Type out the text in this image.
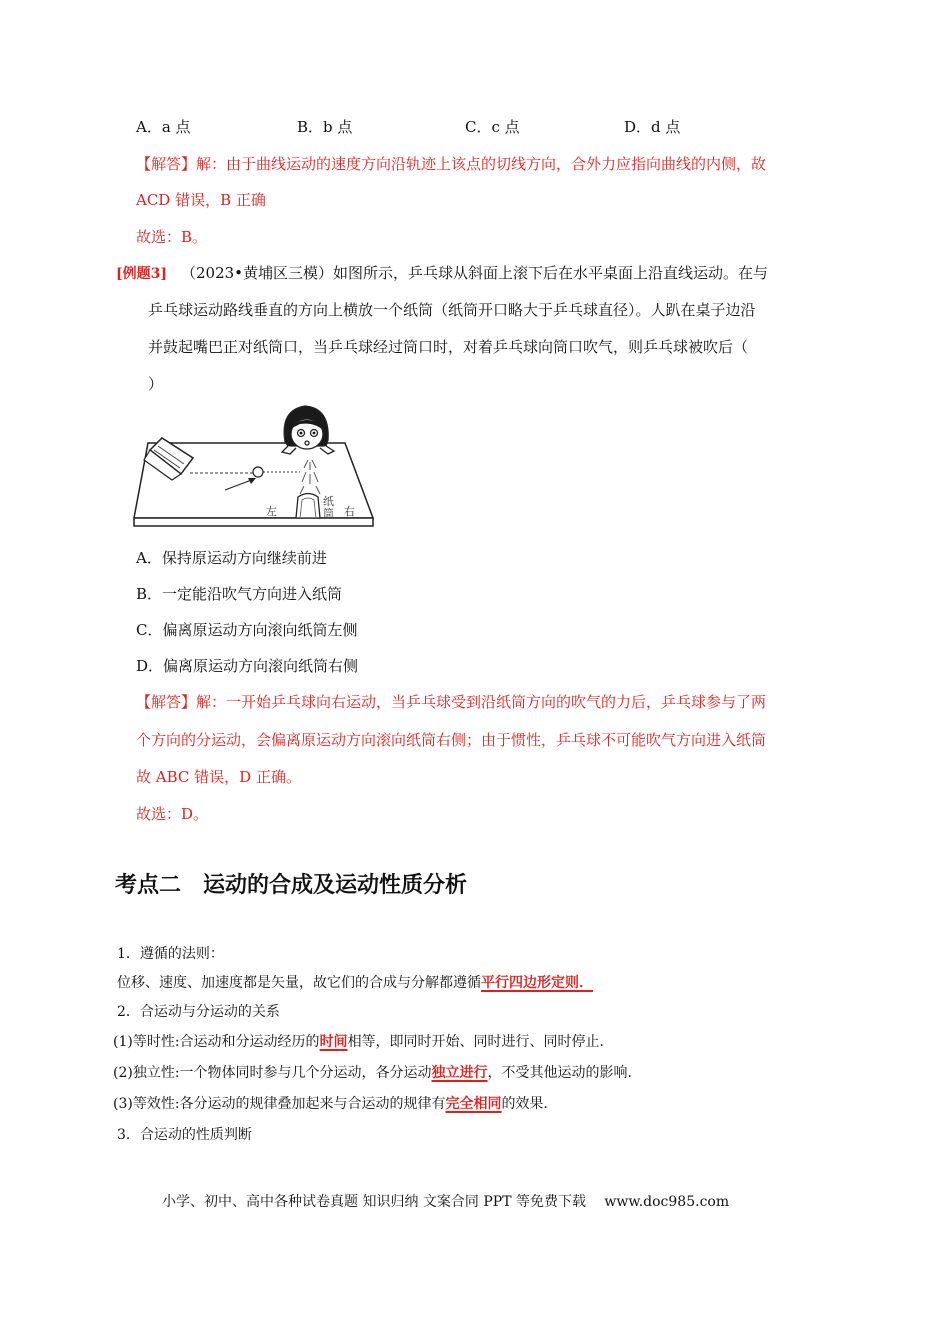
A．a 点	B．b 点	C．c 点	D．d 点
【解答】解：由于曲线运动的速度方向沿轨迹上该点的切线方向，合外力应指向曲线的内侧，故
ACD 错误，B 正确
故选：B。
[例题3] （2023•黄埔区三模）如图所示，乒乓球从斜面上滚下后在水平桌面上沿直线运动。在与
乒乓球运动路线垂直的方向上横放一个纸筒（纸筒开口略大于乒乓球直径）。人趴在桌子边沿
并鼓起嘴巴正对纸筒口，当乒乓球经过筒口时，对着乒乓球向筒口吹气，则乒乓球被吹后（
）
左
纸
筒 右
A．保持原运动方向继续前进
B．一定能沿吹气方向进入纸筒
C．偏离原运动方向滚向纸筒左侧
D．偏离原运动方向滚向纸筒右侧
【解答】解：一开始乒乓球向右运动，当乒乓球受到沿纸筒方向的吹气的力后，乒乓球参与了两
个方向的分运动，会偏离原运动方向滚向纸筒右侧；由于惯性，乒乓球不可能吹气方向进入纸筒
故 ABC 错误，D 正确。
故选：D。
考点二　运动的合成及运动性质分析
1．遵循的法则：
位移、速度、加速度都是矢量，故它们的合成与分解都遵循平行四边形定则．
2．合运动与分运动的关系
(1)等时性:合运动和分运动经历的时间相等，即同时开始、同时进行、同时停止．
(2)独立性:一个物体同时参与几个分运动，各分运动独立进行，不受其他运动的影响．
(3)等效性:各分运动的规律叠加起来与合运动的规律有完全相同的效果．
3．合运动的性质判断
小学、初中、高中各种试卷真题 知识归纳 文案合同 PPT 等免费下载　 www.doc985.com
